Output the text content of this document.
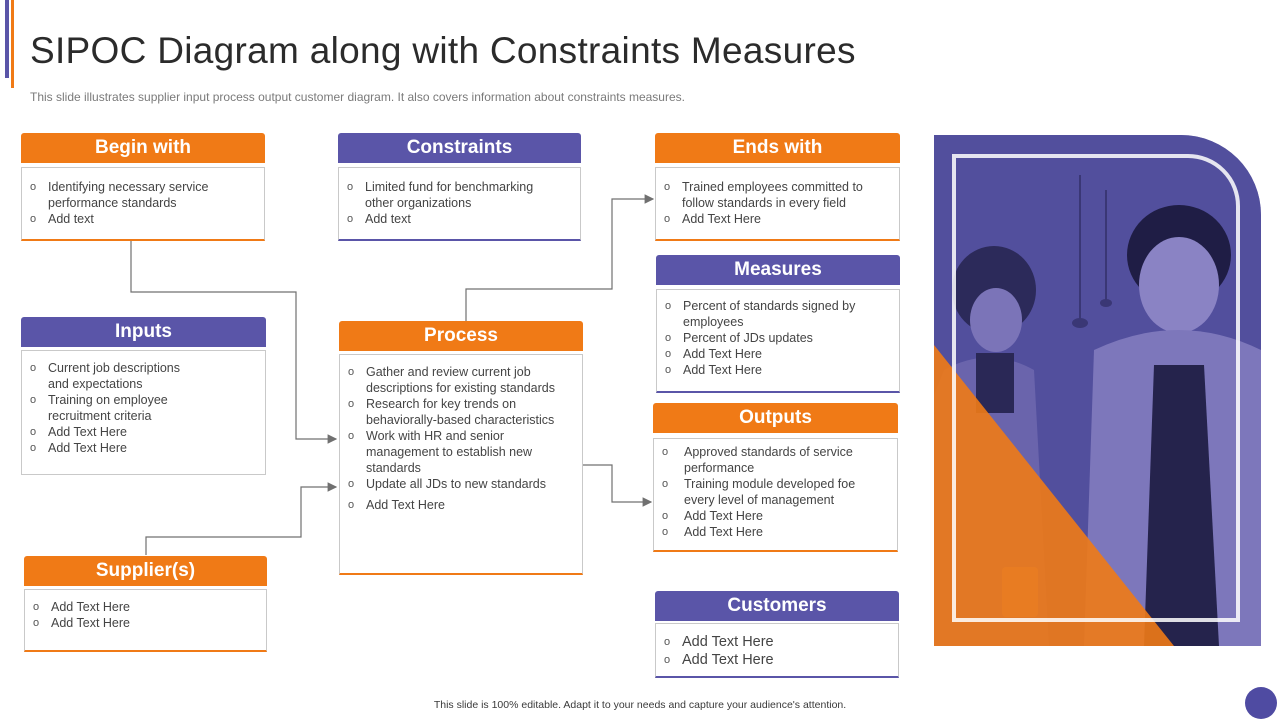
SIPOC Diagram along with Constraints Measures
This slide illustrates supplier input process output customer diagram. It also covers information about constraints measures.
Begin with
o Identifying necessary service performance standards
o Add text
Constraints
o Limited fund for benchmarking other organizations
o Add text
Ends with
o Trained employees committed to follow standards in every field
o Add Text Here
Measures
o Percent of standards signed by employees
o Percent of JDs updates
o Add Text Here
o Add Text Here
Inputs
o Current job descriptions and expectations
o Training on employee recruitment criteria
o Add Text Here
o Add Text Here
Process
o Gather and review current job descriptions for existing standards
o Research for key trends on behaviorally-based characteristics
o Work with HR and senior management to establish new standards
o Update all JDs to new standards
o Add Text Here
Outputs
o Approved standards of service performance
o Training module developed foe every level of management
o Add Text Here
o Add Text Here
Supplier(s)
o Add Text Here
o Add Text Here
Customers
o Add Text Here
o Add Text Here
This slide is 100% editable. Adapt it to your needs and capture your audience's attention.
